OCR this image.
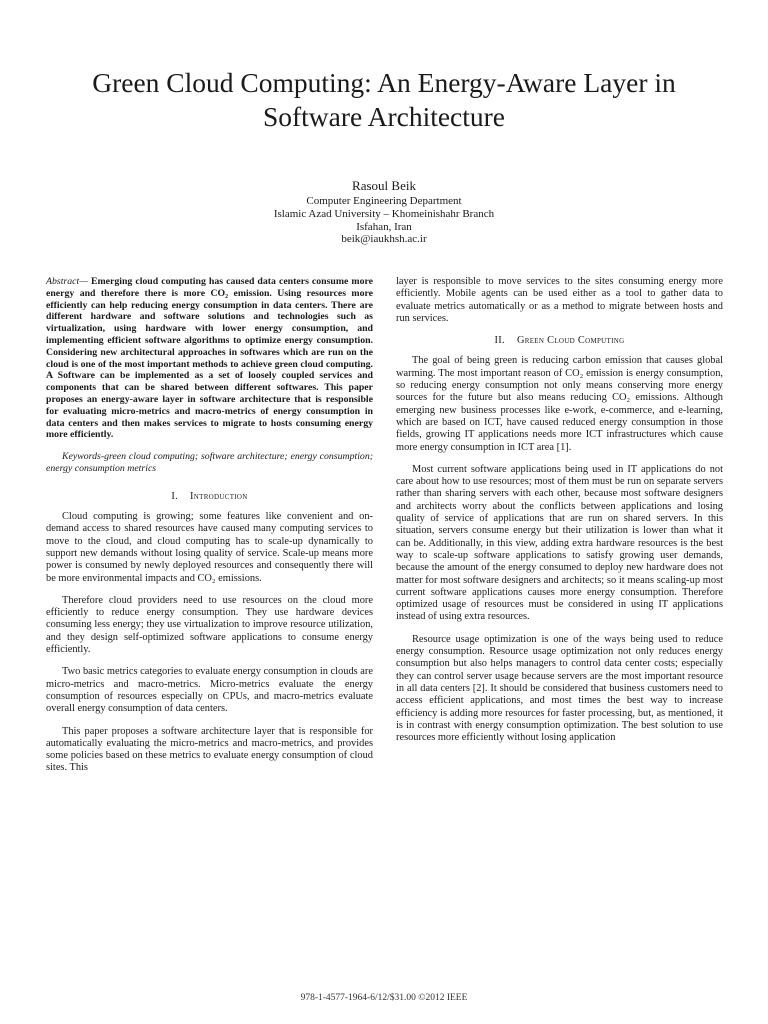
Green Cloud Computing: An Energy-Aware Layer in Software Architecture
Rasoul Beik
Computer Engineering Department
Islamic Azad University – Khomeinishahr Branch
Isfahan, Iran
beik@iaukhsh.ac.ir

Abstract— Emerging cloud computing has caused data centers consume more energy and therefore there is more CO₂ emission. Using resources more efficiently can help reducing energy consumption in data centers. There are different hardware and software solutions and technologies such as virtualization, using hardware with lower energy consumption, and implementing efficient software algorithms to optimize energy consumption. Considering new architectural approaches in softwares which are run on the cloud is one of the most important methods to achieve green cloud computing. A Software can be implemented as a set of loosely coupled services and components that can be shared between different softwares. This paper proposes an energy-aware layer in software architecture that is responsible for evaluating micro-metrics and macro-metrics of energy consumption in data centers and then makes services to migrate to hosts consuming energy more efficiently.

Keywords-green cloud computing; software architecture; energy consumption; energy consumption metrics

I. Introduction

Cloud computing is growing; some features like convenient and on-demand access to shared resources have caused many computing services to move to the cloud, and cloud computing has to scale-up dynamically to support new demands without losing quality of service. Scale-up means more power is consumed by newly deployed resources and consequently there will be more environmental impacts and CO₂ emissions.

Therefore cloud providers need to use resources on the cloud more efficiently to reduce energy consumption. They use hardware devices consuming less energy; they use virtualization to improve resource utilization, and they design self-optimized software applications to consume energy efficiently.

Two basic metrics categories to evaluate energy consumption in clouds are micro-metrics and macro-metrics. Micro-metrics evaluate the energy consumption of resources especially on CPUs, and macro-metrics evaluate overall energy consumption of data centers.

This paper proposes a software architecture layer that is responsible for automatically evaluating the micro-metrics and macro-metrics, and provides some policies based on these metrics to evaluate energy consumption of cloud sites. This

layer is responsible to move services to the sites consuming energy more efficiently. Mobile agents can be used either as a tool to gather data to evaluate metrics automatically or as a method to migrate between hosts and run services.

II. Green Cloud Computing

The goal of being green is reducing carbon emission that causes global warming. The most important reason of CO₂ emission is energy consumption, so reducing energy consumption not only means conserving more energy sources for the future but also means reducing CO₂ emissions. Although emerging new business processes like e-work, e-commerce, and e-learning, which are based on ICT, have caused reduced energy consumption in those fields, growing IT applications needs more ICT infrastructures which cause more energy consumption in ICT area [1].

Most current software applications being used in IT applications do not care about how to use resources; most of them must be run on separate servers rather than sharing servers with each other, because most software designers and architects worry about the conflicts between applications and losing quality of service of applications that are run on shared servers. In this situation, servers consume energy but their utilization is lower than what it can be. Additionally, in this view, adding extra hardware resources is the best way to scale-up software applications to satisfy growing user demands, because the amount of the energy consumed to deploy new hardware does not matter for most software designers and architects; so it means scaling-up most current software applications causes more energy consumption. Therefore optimized usage of resources must be considered in using IT applications instead of using extra resources.

Resource usage optimization is one of the ways being used to reduce energy consumption. Resource usage optimization not only reduces energy consumption but also helps managers to control data center costs; especially they can control server usage because servers are the most important resource in all data centers [2]. It should be considered that business customers need to access efficient applications, and most times the best way to increase efficiency is adding more resources for faster processing, but, as mentioned, it is in contrast with energy consumption optimization. The best solution to use resources more efficiently without losing application

978-1-4577-1964-6/12/$31.00 ©2012 IEEE
